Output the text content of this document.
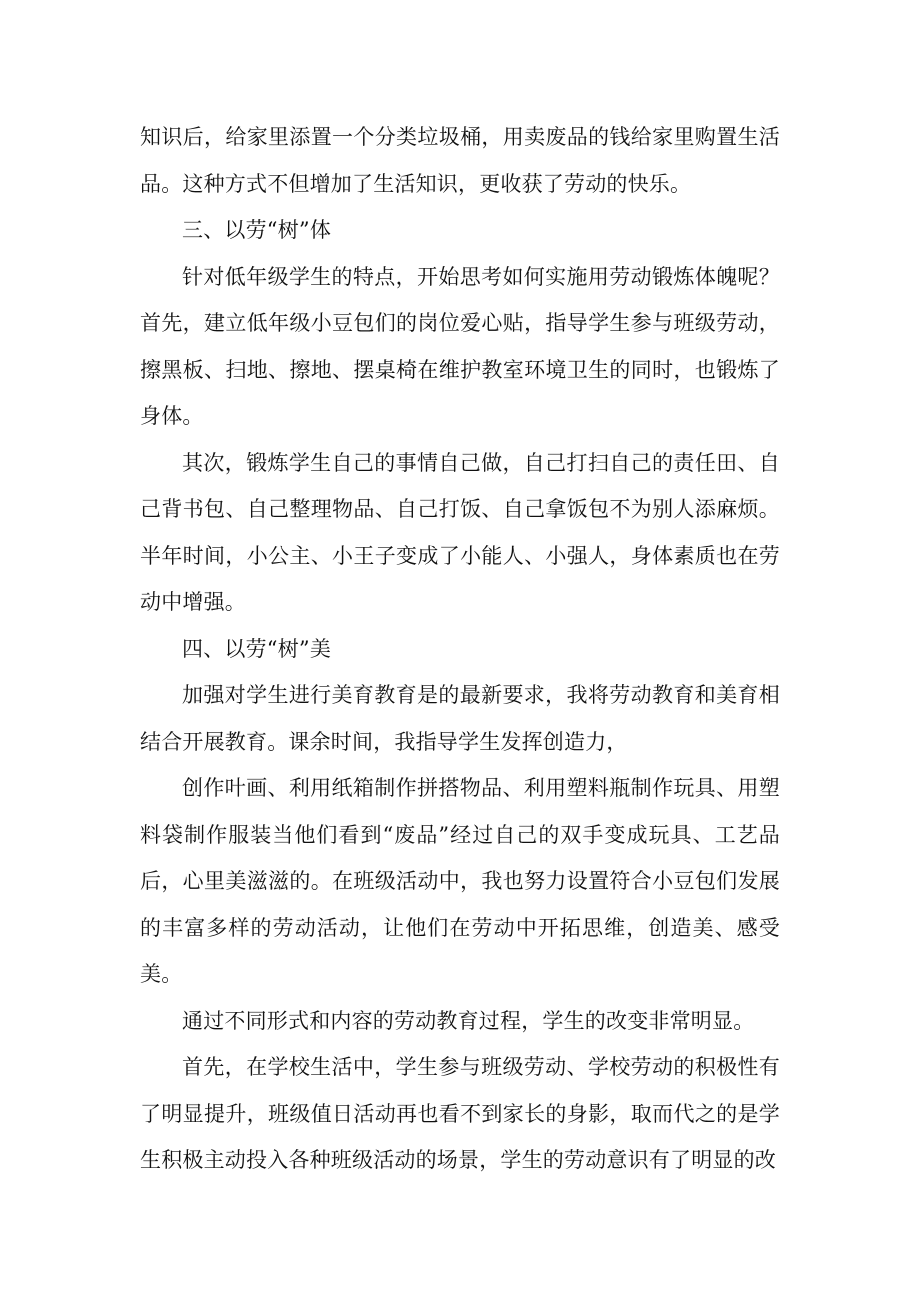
知识后，给家里添置一个分类垃圾桶，用卖废品的钱给家里购置生活品。这种方式不但增加了生活知识，更收获了劳动的快乐。

三、以劳“树”体

针对低年级学生的特点，开始思考如何实施用劳动锻炼体魄呢？首先，建立低年级小豆包们的岗位爱心贴，指导学生参与班级劳动，擦黑板、扫地、擦地、摆桌椅在维护教室环境卫生的同时，也锻炼了身体。

其次，锻炼学生自己的事情自己做，自己打扫自己的责任田、自己背书包、自己整理物品、自己打饭、自己拿饭包不为别人添麻烦。半年时间，小公主、小王子变成了小能人、小强人，身体素质也在劳动中增强。

四、以劳“树”美

加强对学生进行美育教育是的最新要求，我将劳动教育和美育相结合开展教育。课余时间，我指导学生发挥创造力，

创作叶画、利用纸箱制作拼搭物品、利用塑料瓶制作玩具、用塑料袋制作服装当他们看到“废品”经过自己的双手变成玩具、工艺品后，心里美滋滋的。在班级活动中，我也努力设置符合小豆包们发展的丰富多样的劳动活动，让他们在劳动中开拓思维，创造美、感受美。

通过不同形式和内容的劳动教育过程，学生的改变非常明显。

首先，在学校生活中，学生参与班级劳动、学校劳动的积极性有了明显提升，班级值日活动再也看不到家长的身影，取而代之的是学生积极主动投入各种班级活动的场景，学生的劳动意识有了明显的改
